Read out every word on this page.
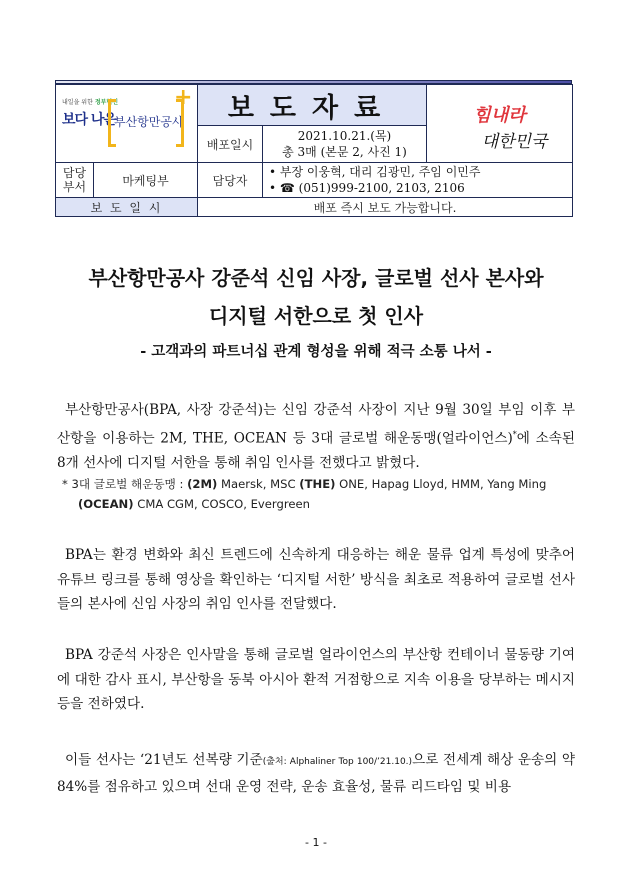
내일을 위한 정부혁신
보다 나은
부산항만공사
+	보도자료	힘내라
대한민국

		배포일시	2021.10.21.(목)
총 3매 (본문 2, 사진 1)	

담당
부서	마케팅부	담당자	
• 부장 이웅혁, 대리 김광민, 주임 이민주
• ☎ (051)999-2100, 2103, 2106

보 도 일 시		배포 즉시 보도 가능합니다.		
부산항만공사 강준석 신임 사장, 글로벌 선사 본사와
디지털 서한으로 첫 인사
- 고객과의 파트너십 관계 형성을 위해 적극 소통 나서 -
부산항만공사(BPA, 사장 강준석)는 신임 강준석 사장이 지난 9월 30일 부임 이후 부산항을 이용하는 2M, THE, OCEAN 등 3대 글로벌 해운동맹(얼라이언스)*에 소속된 8개 선사에 디지털 서한을 통해 취임 인사를 전했다고 밝혔다.
* 3대 글로벌 해운동맹 : (2M) Maersk, MSC (THE) ONE, Hapag Lloyd, HMM, Yang Ming
(OCEAN) CMA CGM, COSCO, Evergreen
BPA는 환경 변화와 최신 트렌드에 신속하게 대응하는 해운 물류 업계 특성에 맞추어 유튜브 링크를 통해 영상을 확인하는 ‘디지털 서한’ 방식을 최초로 적용하여 글로벌 선사들의 본사에 신임 사장의 취임 인사를 전달했다.
BPA 강준석 사장은 인사말을 통해 글로벌 얼라이언스의 부산항 컨테이너 물동량 기여에 대한 감사 표시, 부산항을 동북 아시아 환적 거점항으로 지속 이용을 당부하는 메시지 등을 전하였다.
이들 선사는 ‘21년도 선복량 기준(출처: Alphaliner Top 100/’21.10.)으로 전세계 해상 운송의 약 84%를 점유하고 있으며 선대 운영 전략, 운송 효율성, 물류 리드타임 및 비용
- 1 -
